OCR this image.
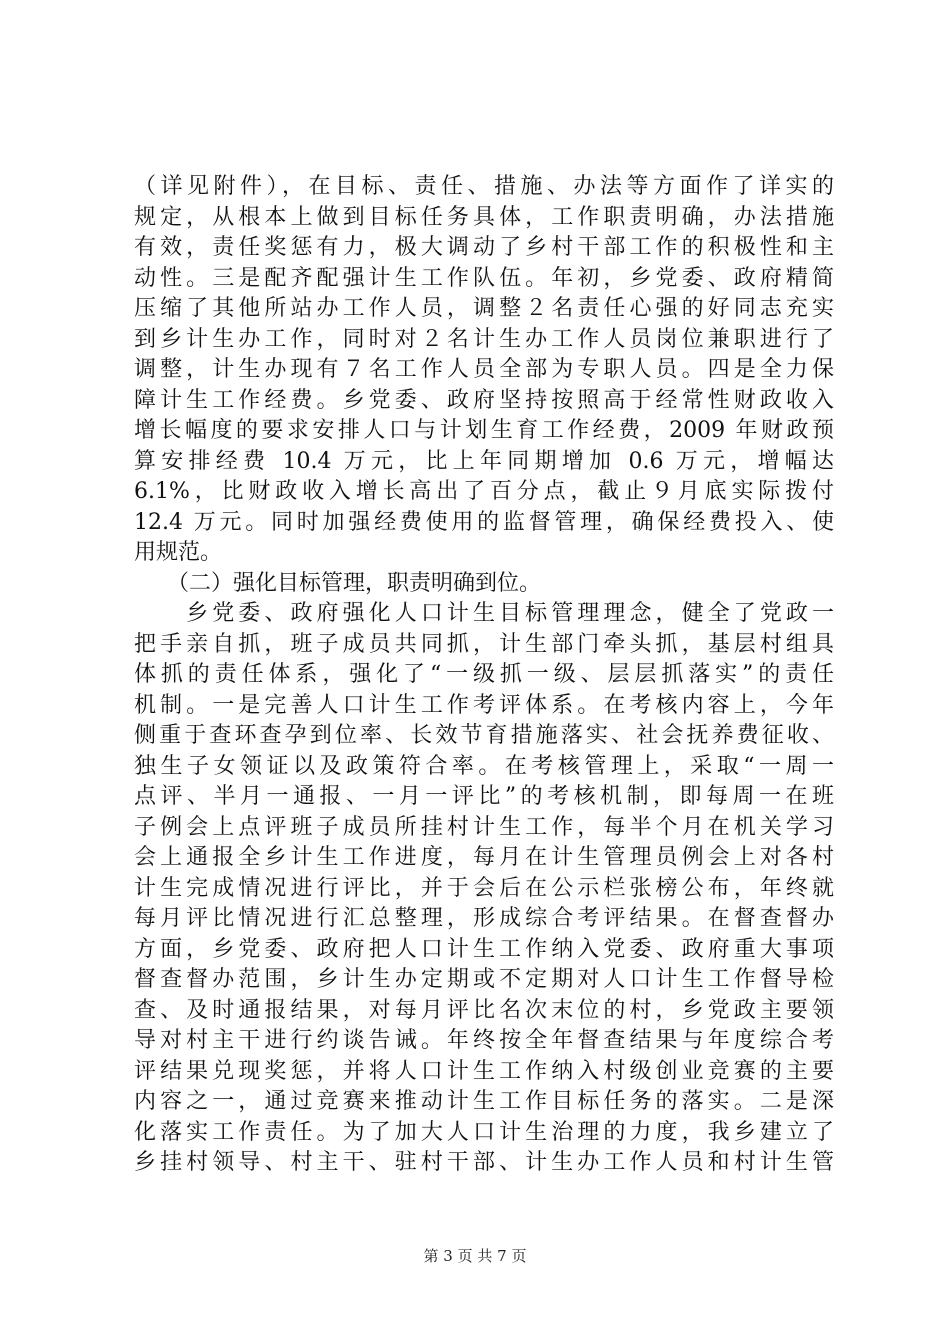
（详见附件），在目标、责任、措施、办法等方面作了详实的
规定，从根本上做到目标任务具体，工作职责明确，办法措施
有效，责任奖惩有力，极大调动了乡村干部工作的积极性和主
动性。三是配齐配强计生工作队伍。年初，乡党委、政府精简
压缩了其他所站办工作人员，调整２名责任心强的好同志充实
到乡计生办工作，同时对２名计生办工作人员岗位兼职进行了
调整，计生办现有７名工作人员全部为专职人员。四是全力保
障计生工作经费。乡党委、政府坚持按照高于经常性财政收入
增长幅度的要求安排人口与计划生育工作经费，2009 年财政预
算安排经费 10.4 万元，比上年同期增加 0.6 万元，增幅达
6.1%，比财政收入增长高出了百分点，截止９月底实际拨付
12.4 万元。同时加强经费使用的监督管理，确保经费投入、使
用规范。
　　（二）强化目标管理，职责明确到位。
　　乡党委、政府强化人口计生目标管理理念，健全了党政一
把手亲自抓，班子成员共同抓，计生部门牵头抓，基层村组具
体抓的责任体系，强化了“一级抓一级、层层抓落实”的责任
机制。一是完善人口计生工作考评体系。在考核内容上，今年
侧重于查环查孕到位率、长效节育措施落实、社会抚养费征收、
独生子女领证以及政策符合率。在考核管理上，采取“一周一
点评、半月一通报、一月一评比”的考核机制，即每周一在班
子例会上点评班子成员所挂村计生工作，每半个月在机关学习
会上通报全乡计生工作进度，每月在计生管理员例会上对各村
计生完成情况进行评比，并于会后在公示栏张榜公布，年终就
每月评比情况进行汇总整理，形成综合考评结果。在督查督办
方面，乡党委、政府把人口计生工作纳入党委、政府重大事项
督查督办范围，乡计生办定期或不定期对人口计生工作督导检
查、及时通报结果，对每月评比名次末位的村，乡党政主要领
导对村主干进行约谈告诫。年终按全年督查结果与年度综合考
评结果兑现奖惩，并将人口计生工作纳入村级创业竞赛的主要
内容之一，通过竞赛来推动计生工作目标任务的落实。二是深
化落实工作责任。为了加大人口计生治理的力度，我乡建立了
乡挂村领导、村主干、驻村干部、计生办工作人员和村计生管
第 3 页 共 7 页
